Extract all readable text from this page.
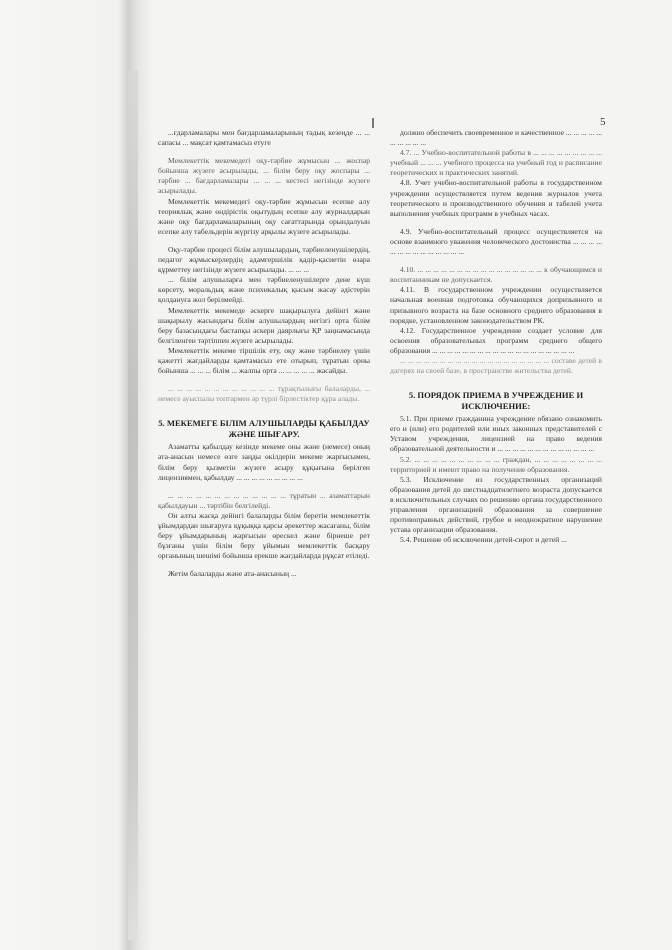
5

...ғдарламалары мен бағдарламаларының тәдық кезеңде ... ... сапасы ... мақсат қамтамасыз етуге

Мемлекеттік мекемедегі оқу-тәрбие жұмысын ... жоспар бойынша жүзеге асырылады, ... білім беру оқу жоспары ... тәрбие ... бағдарламалары ... ... ... кестесі негізінде жүзеге асырылады.

Мемлекеттік мекемедегі оқу-тәрбие жұмысын есепке алу теориялық және өндірістік оқытудың есепке алу журналдарын және оқу бағдарламаларының оқу сағаттарында орындалуын есепке алу табельдерін жүргізу арқылы жүзеге асырылады.

Оқу-тәрбие процесі білім алушылардың, тәрбиеленушілердің, педагог жұмыскерлердің адамгершілік қадір-қасиетін өзара құрметтеу негізінде жүзеге асырылады. ... ... ...

... білім алушыларға мен тәрбиеленушілерге дене күш көрсету, моральдық және психикалық қысым жасау әдістерін қолдануға жол берілмейді.

Мемлекеттік мекемеде әскерге шақырылуға дейінгі және шақырылу жасындағы білім алушылардың негізгі орта білім беру базасындағы бастапқы әскери даярлығы ҚР заңнамасында белгіленген тәртіппен жүзеге асырылады.

Мемлекеттік мекеме тіршілік ету, оқу және тәрбиелеу үшін қажетті жағдайларды қамтамасыз ете отырып, тұратын орны бойынша ... ... ... білім ... жалпы орта ... ... ... ... ... жасайды.

... ... ... ... ... ... ... ... ... ... ... ... тұрақтылығы балаларды, ... немесе ауыспалы топтармен әр түрлі бірлестіктер құра алады.

5. МЕКЕМЕГЕ БІЛІМ АЛУШЫЛАРДЫ ҚАБЫЛДАУ ЖӘНЕ ШЫҒАРУ.

Азаматты қабылдау кезінде мекеме оны және (немесе) оның ата-анасын немесе өзге заңды өкілдерін мекеме жарғысымен, білім беру қызметін жүзеге асыру құқығына берілген лицензиямен, қабылдау ... ... ... ... ... ... ... ... ...

... ... ... ... ... ... ... ... ... ... ... ... ... тұратын ... азаматтарын қабылдауын ... тәртібін белгілейді.

Он алты жасқа дейінгі балаларды білім беретін мемлекеттік ұйымдардан шығаруға құқыққа қарсы әрекеттер жасағаны, білім беру ұйымдарының жарғысын өрескел және бірнеше рет бұзғаны үшін білім беру ұйымын мемлекеттік басқару органының шешімі бойынша ерекше жағдайларда рұқсат етіледі.

Жетім балаларды және ата-анасының ...

должно обеспечить своевременное и качественное ... ... ... ... ... ... ... ... ... ...

4.7. ... Учебно-воспитательной работы в ... ... ... ... ... ... ... ... ... учебный ... ... ... учебного процесса на учебный год и расписание теоретических и практических занятий.

4.8. Учет учебно-воспитательной работы в государственном учреждении осуществляется путем ведения журналов учета теоретического и производственного обучения и табелей учета выполнения учебных программ в учебных часах.

4.9. Учебно-воспитательный процесс осуществляется на основе взаимного уважения человеческого достоинства ... ... ... ... ... ... ... ... ... ... ... ... ... ...

4.10. ... ... ... ... ... ... ... ... ... ... ... ... ... ... ... ... к обучающимся и воспитанникам не допускается.

4.11. В государственном учреждении осуществляется начальная военная подготовка обучающихся допризывного и призывного возраста на базе основного среднего образования в порядке, установленном законодательством РК.

4.12. Государственное учреждение создает условие для освоения образовательных программ среднего общего образования ... ... ... ... ... ... ... ... ... ... ... ... ... ... ... ... ... ... ...

... ... ... ... ... ... ... ... ... ... ... ... ... ... ... ... ... ... ... составе детей в дагерях на своей базе, в пространстве жительства детей.

5. ПОРЯДОК ПРИЕМА В УЧРЕЖДЕНИЕ И ИСКЛЮЧЕНИЕ:

5.1. При приеме гражданина учреждение обязано ознакомить его и (или) его родителей или иных законных представителей с Уставом учреждения, лицензией на право ведения образовательной деятельности и ... ... ... ... ... ... ... ... ... ... ... ... ...

5.2. ... ... ... ... ... ... ... ... ... ... граждан, ... ... ... ... ... ... ... ... территорией и имеют право на получение образования.

5.3. Исключение из государственных организаций образования детей до шестнадцатилетнего возраста допускается в исключительных случаях по решению органа государственного управления организацией образования за совершение противоправных действий, грубое и неоднократное нарушение устава организации образования.

5.4. Решение об исключении детей-сирот и детей ...
